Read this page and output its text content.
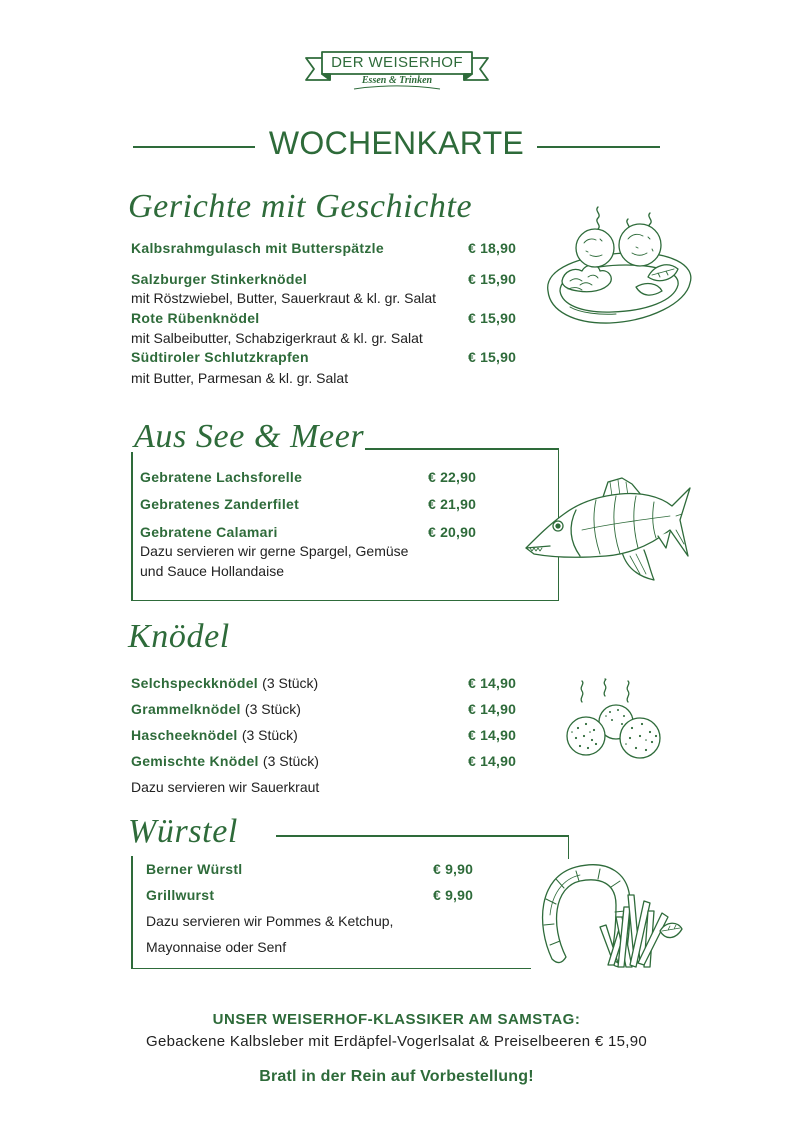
DER WEISERHOF
Essen & Trinken
WOCHENKARTE
Gerichte mit Geschichte
Kalbsrahmgulasch mit Butterspätzle	€ 18,90
Salzburger Stinkerknödel	€ 15,90
mit Röstzwiebel, Butter, Sauerkraut & kl. gr. Salat
Rote Rübenknödel	€ 15,90
mit Salbeibutter, Schabzigerkraut & kl. gr. Salat
Südtiroler Schlutzkrapfen	€ 15,90
mit Butter, Parmesan & kl. gr. Salat
Aus See & Meer
Gebratene Lachsforelle	€ 22,90
Gebratenes Zanderfilet	€ 21,90
Gebratene Calamari	€ 20,90
Dazu servieren wir gerne Spargel, Gemüse
und Sauce Hollandaise
Knödel
Selchspeckknödel (3 Stück)	€ 14,90
Grammelknödel (3 Stück)	€ 14,90
Hascheeknödel (3 Stück)	€ 14,90
Gemischte Knödel (3 Stück)	€ 14,90
Dazu servieren wir Sauerkraut
Würstel
Berner Würstl	€ 9,90
Grillwurst	€ 9,90
Dazu servieren wir Pommes & Ketchup,
Mayonnaise oder Senf
UNSER WEISERHOF-KLASSIKER AM SAMSTAG:
Gebackene Kalbsleber mit Erdäpfel-Vogerlsalat & Preiselbeeren € 15,90
Bratl in der Rein auf Vorbestellung!
